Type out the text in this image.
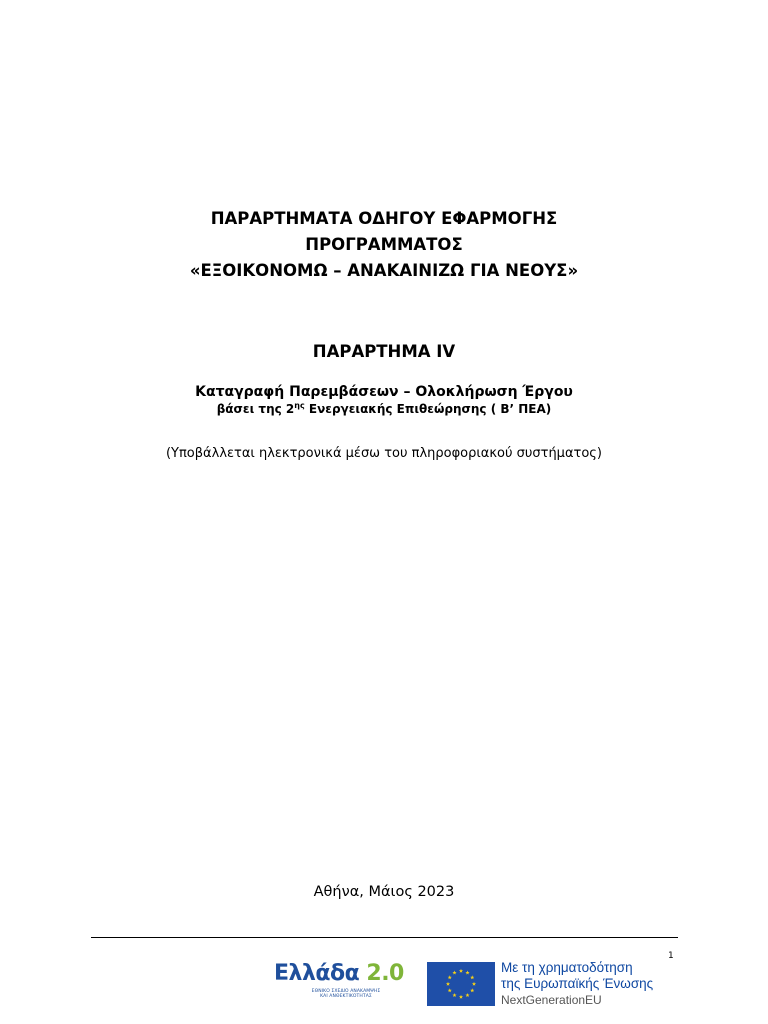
ΠΑΡΑΡΤΗΜΑΤΑ ΟΔΗΓΟΥ ΕΦΑΡΜΟΓΗΣ
ΠΡΟΓΡΑΜΜΑΤΟΣ
«ΕΞΟΙΚΟΝΟΜΩ – ΑΝΑΚΑΙΝΙΖΩ ΓΙΑ ΝΕΟΥΣ»
ΠΑΡΑΡΤΗΜΑ IV
Καταγραφή Παρεμβάσεων – Ολοκλήρωση Έργου
βάσει της $2^{\eta\varsigma}$ Ενεργειακής Επιθεώρησης ( Β’ ΠΕΑ)
(Υποβάλλεται ηλεκτρονικά μέσω του πληροφοριακού συστήματος)
Αθήνα, Μάιος 2023
1
Ελλάδα 2.0
ΕΘΝΙΚΟ ΣΧΕΔΙΟ ΑΝΑΚΑΜΨΗΣ
ΚΑΙ ΑΝΘΕΚΤΙΚΟΤΗΤΑΣ
Με τη χρηματοδότηση
της Ευρωπαϊκής Ένωσης
NextGenerationEU
